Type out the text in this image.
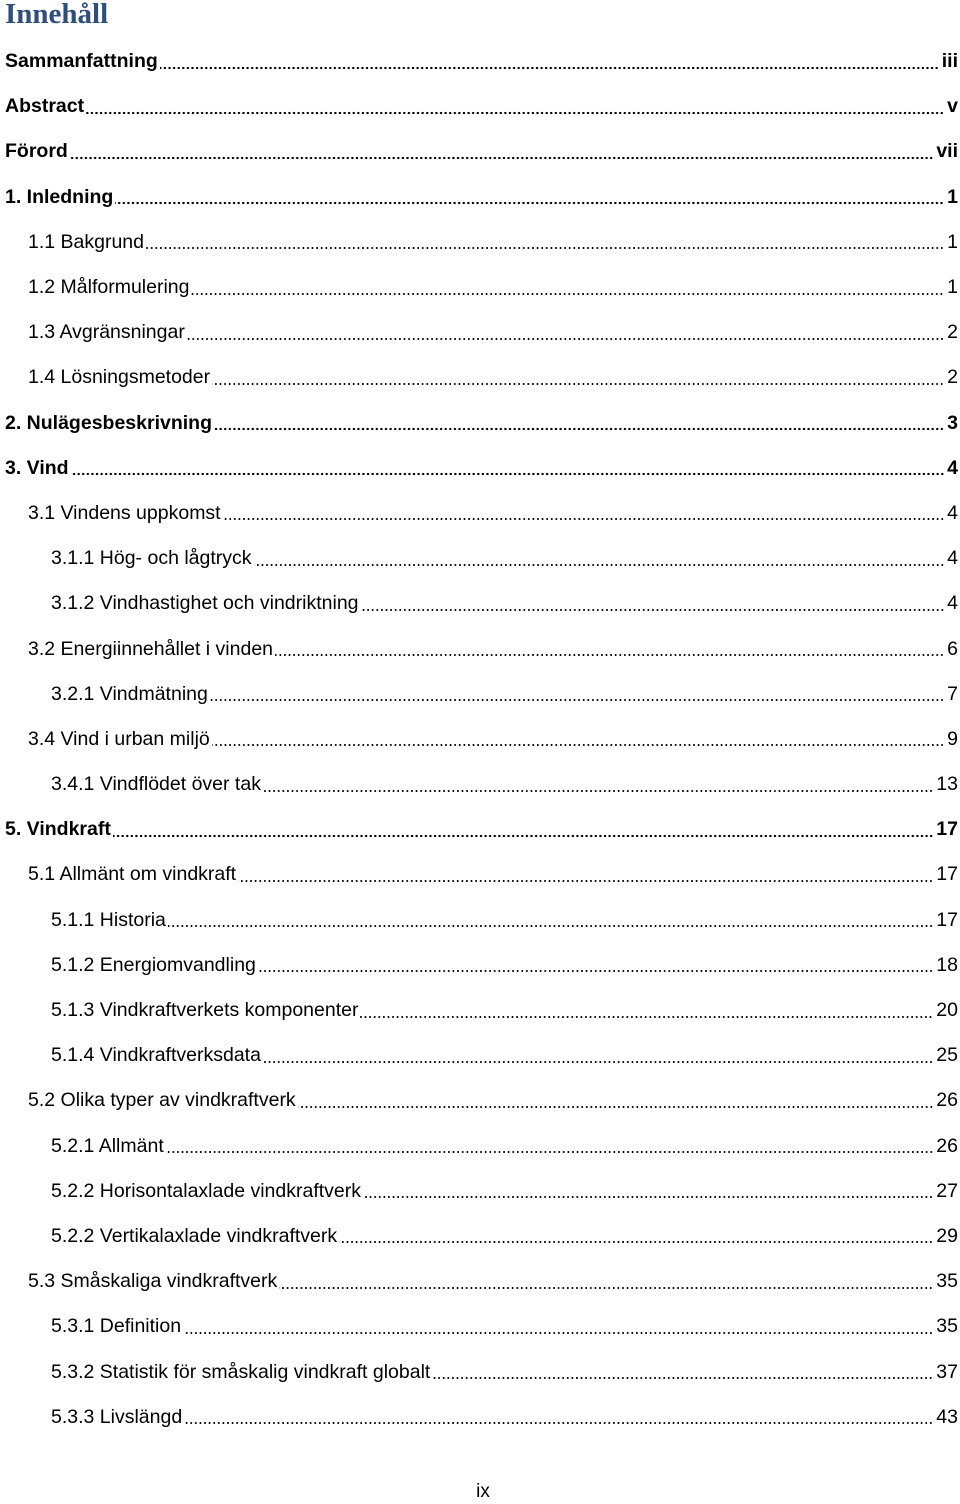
Innehåll
Sammanfattning	iii
Abstract	v
Förord	vii
1. Inledning	1
1.1 Bakgrund	1
1.2 Målformulering	1
1.3 Avgränsningar	2
1.4 Lösningsmetoder	2
2. Nulägesbeskrivning	3
3. Vind	4
3.1 Vindens uppkomst	4
3.1.1 Hög- och lågtryck	4
3.1.2 Vindhastighet och vindriktning	4
3.2 Energiinnehållet i vinden	6
3.2.1 Vindmätning	7
3.4 Vind i urban miljö	9
3.4.1 Vindflödet över tak	13
5. Vindkraft	17
5.1 Allmänt om vindkraft	17
5.1.1 Historia	17
5.1.2 Energiomvandling	18
5.1.3 Vindkraftverkets komponenter	20
5.1.4 Vindkraftverksdata	25
5.2 Olika typer av vindkraftverk	26
5.2.1 Allmänt	26
5.2.2 Horisontalaxlade vindkraftverk	27
5.2.2 Vertikalaxlade vindkraftverk	29
5.3 Småskaliga vindkraftverk	35
5.3.1 Definition	35
5.3.2 Statistik för småskalig vindkraft globalt	37
5.3.3 Livslängd	43
ix
